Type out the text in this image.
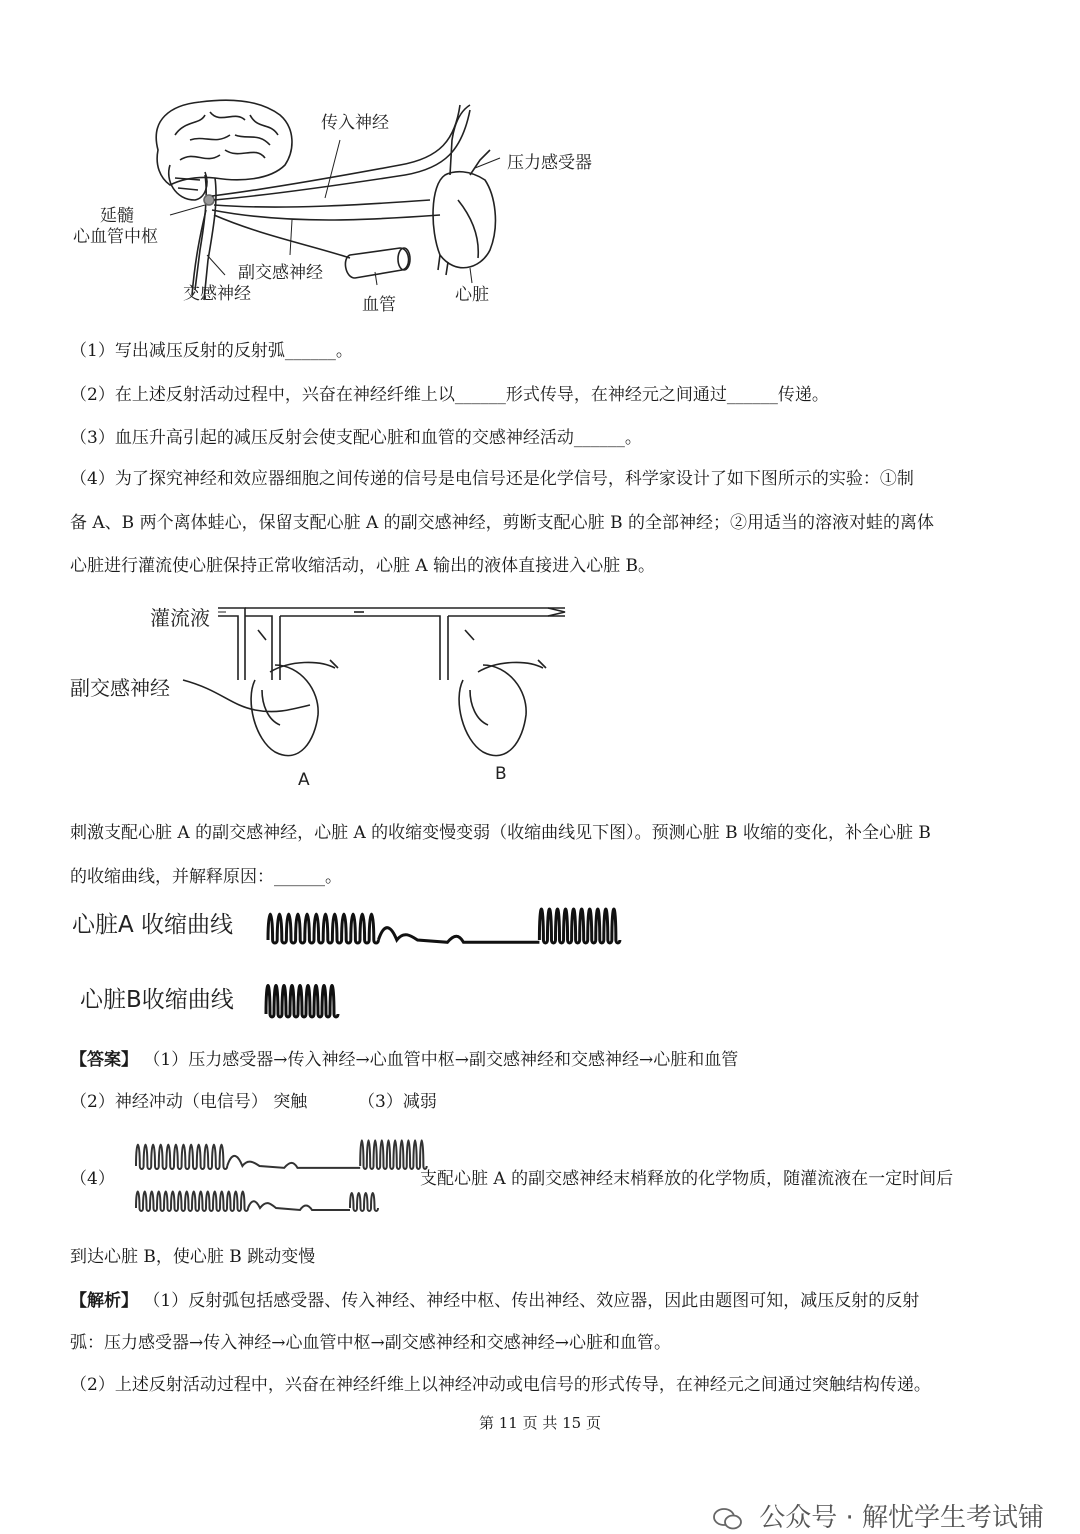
传入神经
压力感受器
延髓
心血管中枢
副交感神经
交感神经
血管	心脏
（1）写出减压反射的反射弧______。
（2）在上述反射活动过程中，兴奋在神经纤维上以______形式传导，在神经元之间通过______传递。
（3）血压升高引起的减压反射会使支配心脏和血管的交感神经活动______。
（4）为了探究神经和效应器细胞之间传递的信号是电信号还是化学信号，科学家设计了如下图所示的实验：①制
备 A、B 两个离体蛙心，保留支配心脏 A 的副交感神经，剪断支配心脏 B 的全部神经；②用适当的溶液对蛙的离体
心脏进行灌流使心脏保持正常收缩活动，心脏 A 输出的液体直接进入心脏 B。
灌流液
副交感神经
A	B
刺激支配心脏 A 的副交感神经，心脏 A 的收缩变慢变弱（收缩曲线见下图）。预测心脏 B 收缩的变化，补全心脏 B
的收缩曲线，并解释原因：______。
心脏A 收缩曲线
心脏B收缩曲线
【答案】 （1）压力感受器→传入神经→心血管中枢→副交感神经和交感神经→心脏和血管
（2）神经冲动（电信号） 突触	（3）减弱
（4）	支配心脏 A 的副交感神经末梢释放的化学物质，随灌流液在一定时间后
到达心脏 B，使心脏 B 跳动变慢
【解析】 （1）反射弧包括感受器、传入神经、神经中枢、传出神经、效应器，因此由题图可知，减压反射的反射
弧：压力感受器→传入神经→心血管中枢→副交感神经和交感神经→心脏和血管。
（2）上述反射活动过程中，兴奋在神经纤维上以神经冲动或电信号的形式传导，在神经元之间通过突触结构传递。
第 11 页 共 15 页
公众号 · 解忧学生考试铺
